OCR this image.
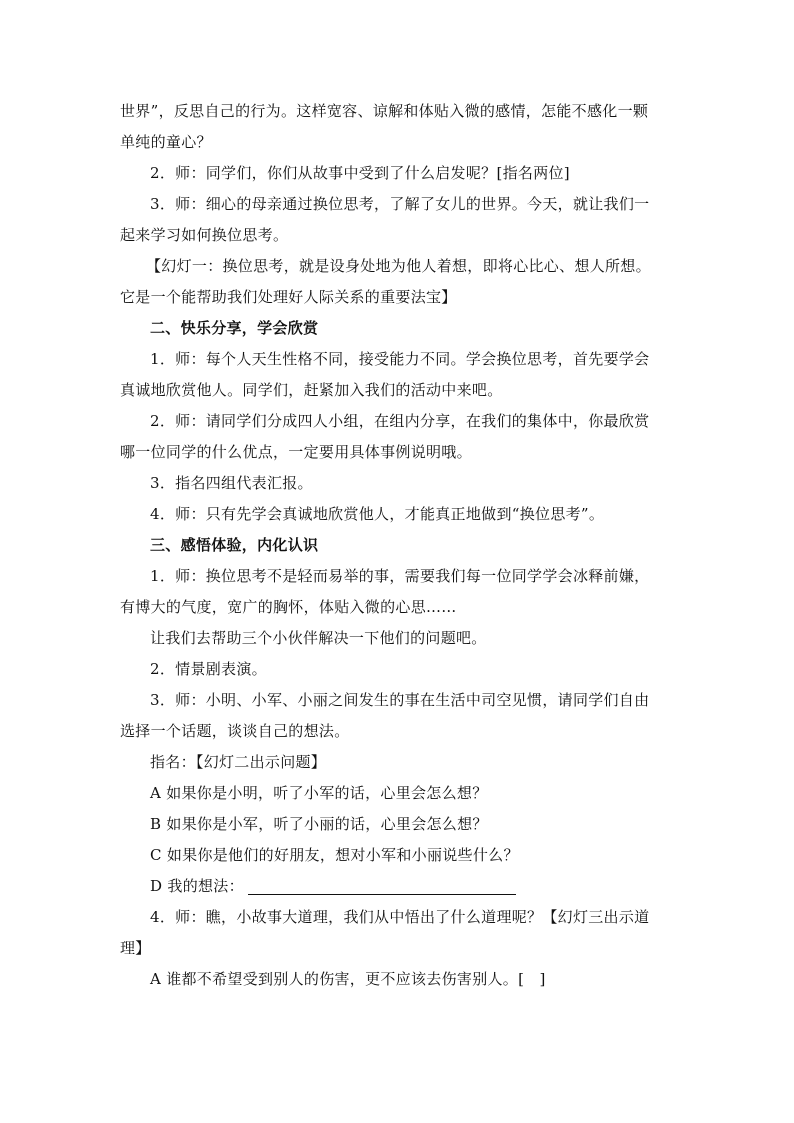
世界”，反思自己的行为。这样宽容、谅解和体贴入微的感情，怎能不感化一颗
单纯的童心？
2．师：同学们，你们从故事中受到了什么启发呢？[指名两位]
3．师：细心的母亲通过换位思考，了解了女儿的世界。今天，就让我们一
起来学习如何换位思考。
【幻灯一：换位思考，就是设身处地为他人着想，即将心比心、想人所想。
它是一个能帮助我们处理好人际关系的重要法宝】
二、快乐分享，学会欣赏
1．师：每个人天生性格不同，接受能力不同。学会换位思考，首先要学会
真诚地欣赏他人。同学们，赶紧加入我们的活动中来吧。
2．师：请同学们分成四人小组，在组内分享，在我们的集体中，你最欣赏
哪一位同学的什么优点，一定要用具体事例说明哦。
3．指名四组代表汇报。
4．师：只有先学会真诚地欣赏他人，才能真正地做到“换位思考”。
三、感悟体验，内化认识
1．师：换位思考不是轻而易举的事，需要我们每一位同学学会冰释前嫌，
有博大的气度，宽广的胸怀，体贴入微的心思……
让我们去帮助三个小伙伴解决一下他们的问题吧。
2．情景剧表演。
3．师：小明、小军、小丽之间发生的事在生活中司空见惯，请同学们自由
选择一个话题，谈谈自己的想法。
指名：【幻灯二出示问题】
A 如果你是小明，听了小军的话，心里会怎么想？
B 如果你是小军，听了小丽的话，心里会怎么想？
C 如果你是他们的好朋友，想对小军和小丽说些什么？
D 我的想法：
4．师：瞧，小故事大道理，我们从中悟出了什么道理呢？【幻灯三出示道
理】
A 谁都不希望受到别人的伤害，更不应该去伤害别人。[　]
